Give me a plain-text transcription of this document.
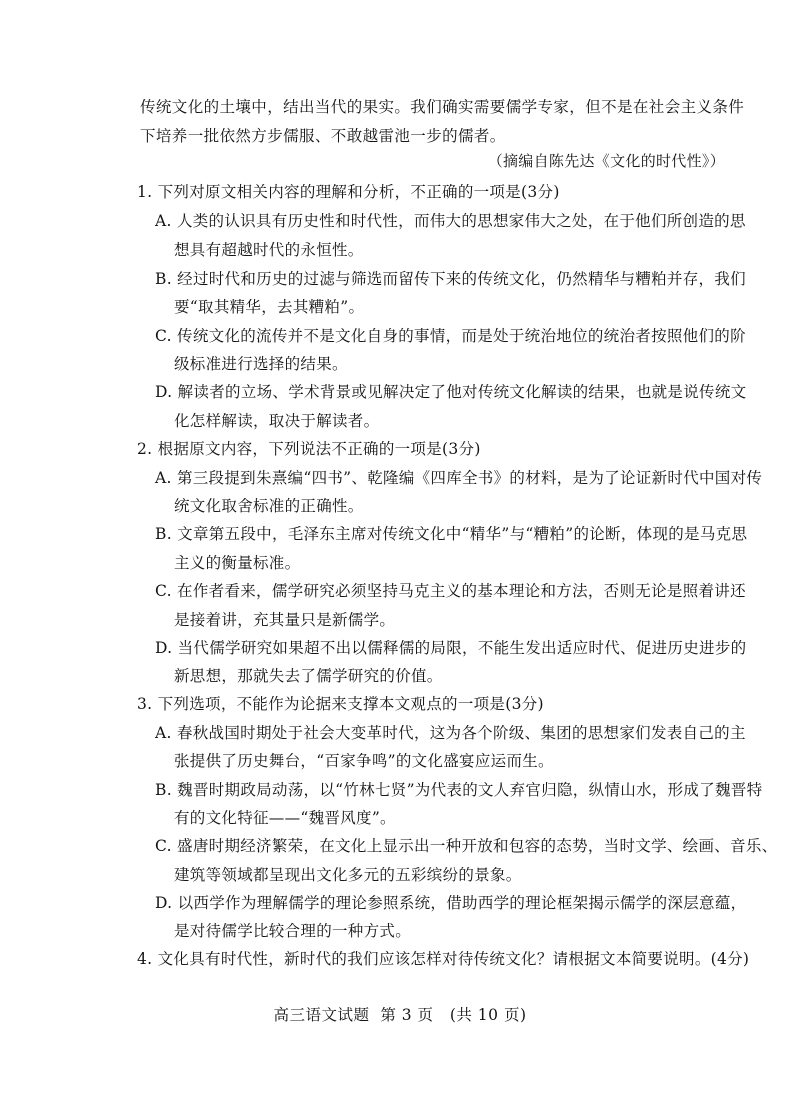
传统文化的土壤中，结出当代的果实。我们确实需要儒学专家，但不是在社会主义条件
下培养一批依然方步儒服、不敢越雷池一步的儒者。
（摘编自陈先达《文化的时代性》）
1. 下列对原文相关内容的理解和分析，不正确的一项是(3分)
A. 人类的认识具有历史性和时代性，而伟大的思想家伟大之处，在于他们所创造的思
想具有超越时代的永恒性。
B. 经过时代和历史的过滤与筛选而留传下来的传统文化，仍然精华与糟粕并存，我们
要“取其精华，去其糟粕”。
C. 传统文化的流传并不是文化自身的事情，而是处于统治地位的统治者按照他们的阶
级标准进行选择的结果。
D. 解读者的立场、学术背景或见解决定了他对传统文化解读的结果，也就是说传统文
化怎样解读，取决于解读者。
2. 根据原文内容，下列说法不正确的一项是(3分)
A. 第三段提到朱熹编“四书”、乾隆编《四库全书》的材料，是为了论证新时代中国对传
统文化取舍标准的正确性。
B. 文章第五段中，毛泽东主席对传统文化中“精华”与“糟粕”的论断，体现的是马克思
主义的衡量标准。
C. 在作者看来，儒学研究必须坚持马克主义的基本理论和方法，否则无论是照着讲还
是接着讲，充其量只是新儒学。
D. 当代儒学研究如果超不出以儒释儒的局限，不能生发出适应时代、促进历史进步的
新思想，那就失去了儒学研究的价值。
3. 下列选项，不能作为论据来支撑本文观点的一项是(3分)
A. 春秋战国时期处于社会大变革时代，这为各个阶级、集团的思想家们发表自己的主
张提供了历史舞台，“百家争鸣”的文化盛宴应运而生。
B. 魏晋时期政局动荡，以“竹林七贤”为代表的文人弃官归隐，纵情山水，形成了魏晋特
有的文化特征——“魏晋风度”。
C. 盛唐时期经济繁荣，在文化上显示出一种开放和包容的态势，当时文学、绘画、音乐、
建筑等领域都呈现出文化多元的五彩缤纷的景象。
D. 以西学作为理解儒学的理论参照系统，借助西学的理论框架揭示儒学的深层意蕴，
是对待儒学比较合理的一种方式。
4. 文化具有时代性，新时代的我们应该怎样对待传统文化？请根据文本简要说明。(4分)
高三语文试题  第 3 页   (共 10 页)
